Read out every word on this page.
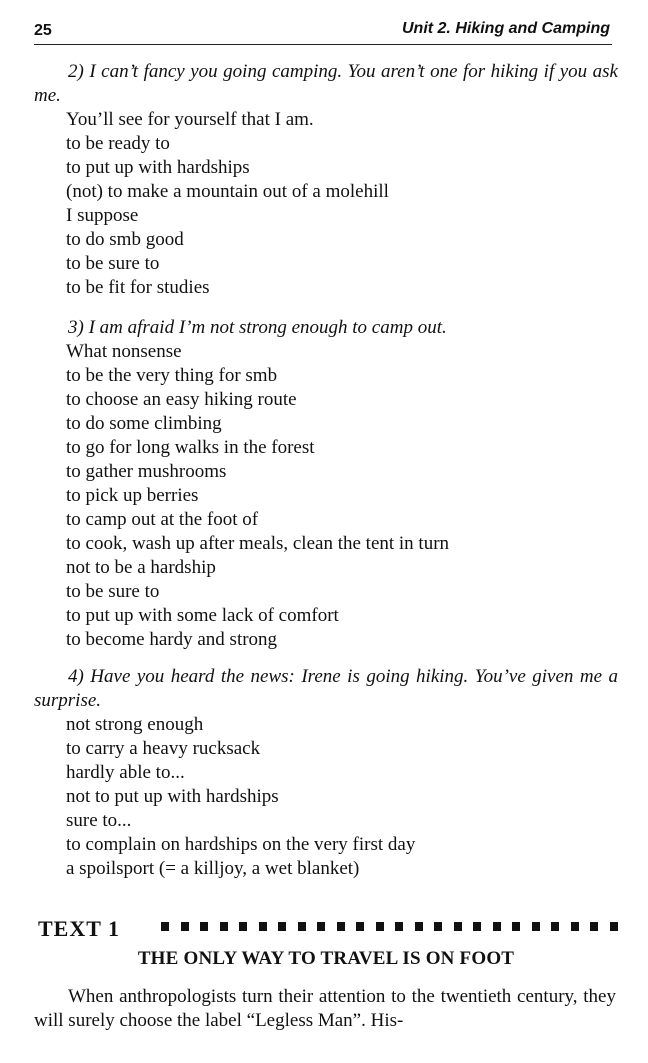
25	Unit 2. Hiking and Camping

2) I can’t fancy you going camping. You aren’t one for hiking if you ask me.

You’ll see for yourself that I am.
to be ready to
to put up with hardships
(not) to make a mountain out of a molehill
I suppose
to do smb good
to be sure to
to be fit for studies

3) I am afraid I’m not strong enough to camp out.

What nonsense
to be the very thing for smb
to choose an easy hiking route
to do some climbing
to go for long walks in the forest
to gather mushrooms
to pick up berries
to camp out at the foot of
to cook, wash up after meals, clean the tent in turn
not to be a hardship
to be sure to
to put up with some lack of comfort
to become hardy and strong

4) Have you heard the news: Irene is going hiking. You’ve given me a surprise.

not strong enough
to carry a heavy rucksack
hardly able to...
not to put up with hardships
sure to...
to complain on hardships on the very first day
a spoilsport (= a killjoy, a wet blanket)
TEXT 1
THE ONLY WAY TO TRAVEL IS ON FOOT

When anthropologists turn their attention to the twentieth century, they will surely choose the label “Legless Man”. His-
